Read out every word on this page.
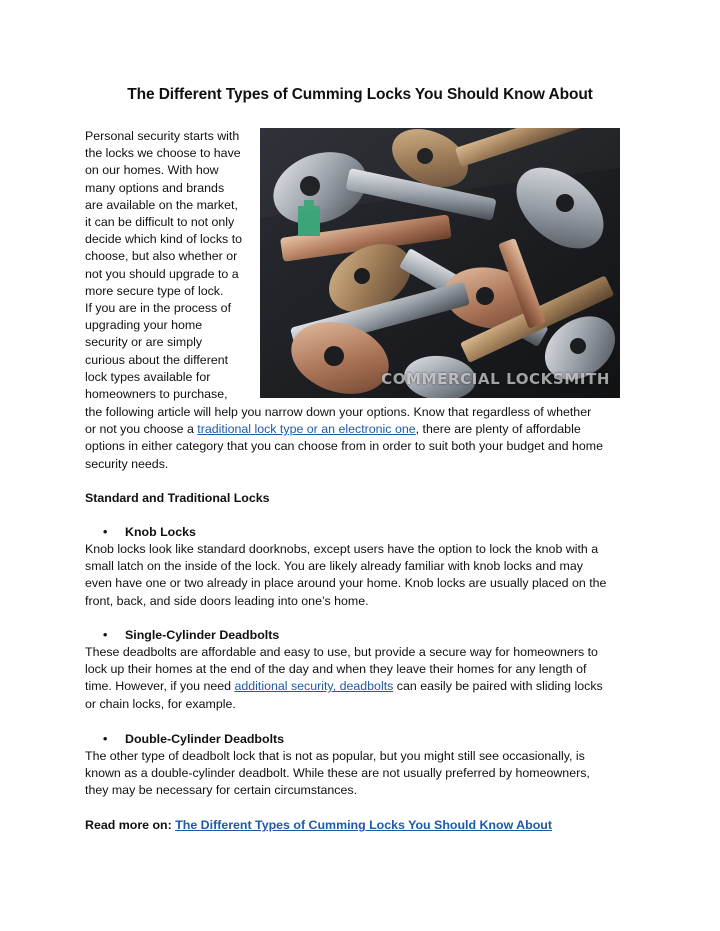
The Different Types of Cumming Locks You Should Know About
COMMERCIAL LOCKSMITH
Personal security starts with
the locks we choose to have
on our homes. With how
many options and brands
are available on the market,
it can be difficult to not only
decide which kind of locks to
choose, but also whether or
not you should upgrade to a
more secure type of lock.
If you are in the process of
upgrading your home
security or are simply
curious about the different
lock types available for
homeowners to purchase,
the following article will help you narrow down your options. Know that regardless of whether
or not you choose a traditional lock type or an electronic one, there are plenty of affordable
options in either category that you can choose from in order to suit both your budget and home
security needs.
Standard and Traditional Locks
• Knob Locks
Knob locks look like standard doorknobs, except users have the option to lock the knob with a
small latch on the inside of the lock. You are likely already familiar with knob locks and may
even have one or two already in place around your home. Knob locks are usually placed on the
front, back, and side doors leading into one’s home.
• Single-Cylinder Deadbolts
These deadbolts are affordable and easy to use, but provide a secure way for homeowners to
lock up their homes at the end of the day and when they leave their homes for any length of
time. However, if you need additional security, deadbolts can easily be paired with sliding locks
or chain locks, for example.
• Double-Cylinder Deadbolts
The other type of deadbolt lock that is not as popular, but you might still see occasionally, is
known as a double-cylinder deadbolt. While these are not usually preferred by homeowners,
they may be necessary for certain circumstances.
Read more on: The Different Types of Cumming Locks You Should Know About
